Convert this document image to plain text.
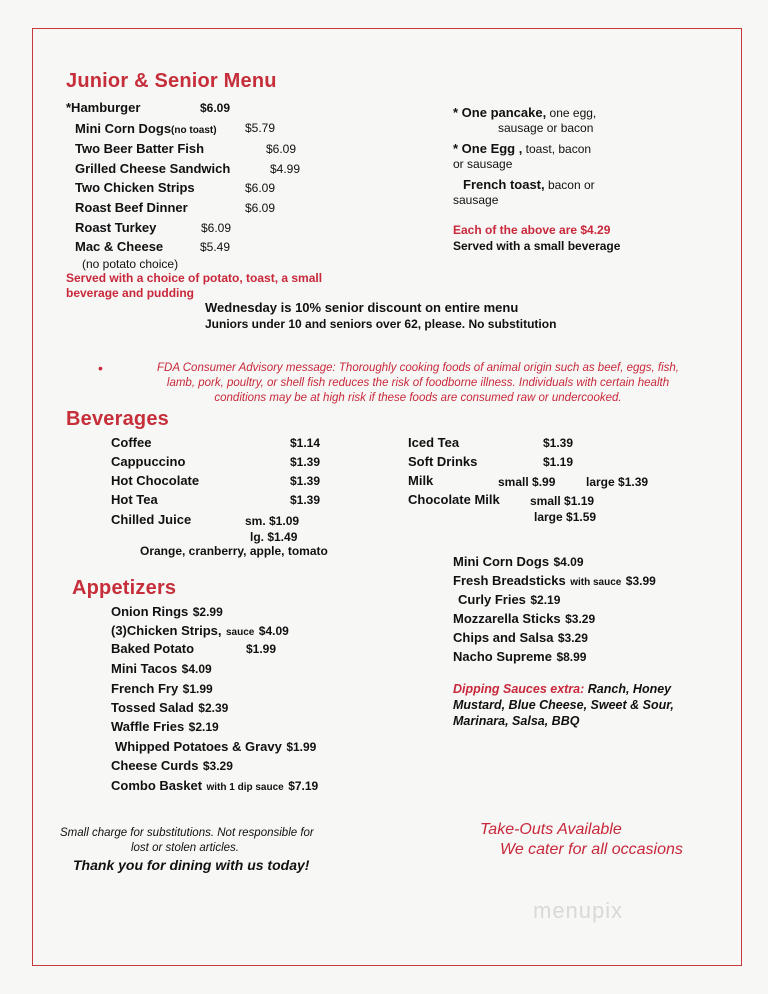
Junior & Senior Menu
*Hamburger	$6.09
Mini Corn Dogs(no toast) $5.79
Two Beer Batter Fish	$6.09
Grilled Cheese Sandwich	$4.99
Two Chicken Strips	$6.09
Roast Beef Dinner	$6.09
Roast Turkey	$6.09
Mac & Cheese	$5.49
(no potato choice)
Served with a choice of potato, toast, a small
beverage and pudding
* One pancake, one egg,
sausage or bacon
* One Egg , toast, bacon
or sausage
French toast, bacon or
sausage
Each of the above are $4.29
Served with a small beverage
Wednesday is 10% senior discount on entire menu
Juniors under 10 and seniors over 62, please. No substitution
•	FDA Consumer Advisory message: Thoroughly cooking foods of animal origin such as beef, eggs, fish,
lamb, pork, poultry, or shell fish reduces the risk of foodborne illness. Individuals with certain health
conditions may be at high risk if these foods are consumed raw or undercooked.
Beverages
Coffee	$1.14
Cappuccino	$1.39
Hot Chocolate	$1.39
Hot Tea	$1.39
Chilled Juice	sm. $1.09
lg. $1.49
Orange, cranberry, apple, tomato
Iced Tea	$1.39
Soft Drinks	$1.19
Milk	small $.99	large $1.39
Chocolate Milk	small $1.19
large $1.59
Appetizers
Onion Rings $2.99
(3)Chicken Strips, sauce $4.09
Baked Potato	$1.99
Mini Tacos $4.09
French Fry $1.99
Tossed Salad $2.39
Waffle Fries $2.19
Whipped Potatoes & Gravy $1.99
Cheese Curds $3.29
Combo Basket with 1 dip sauce $7.19
Mini Corn Dogs $4.09
Fresh Breadsticks with sauce $3.99
Curly Fries $2.19
Mozzarella Sticks $3.29
Chips and Salsa $3.29
Nacho Supreme $8.99
Dipping Sauces extra: Ranch, Honey
Mustard, Blue Cheese, Sweet & Sour,
Marinara, Salsa, BBQ
Small charge for substitutions. Not responsible for
lost or stolen articles.
Thank you for dining with us today!
Take-Outs Available
We cater for all occasions
menupix
